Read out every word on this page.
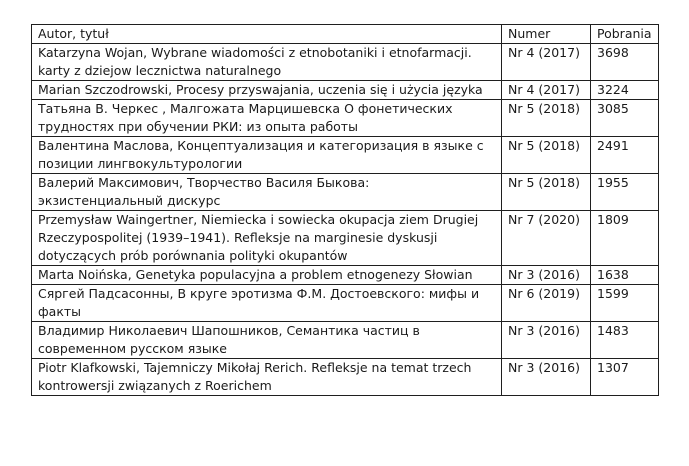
Autor, tytuł	Numer	Pobrania
Katarzyna Wojan, Wybrane wiadomości z etnobotaniki i etnofarmacji. karty z dziejow lecznictwa naturalnego	Nr 4 (2017)	3698
Marian Szczodrowski, Procesy przyswajania, uczenia się i użycia języka	Nr 4 (2017)	3224
Татьяна В. Черкес , Малгожата Марцишевска О фонетических трудностях при обучении РКИ: из опыта работы	Nr 5 (2018)	3085
Валентина Маслова, Концептуализация и категоризация в языке с позиции лингвокультурологии	Nr 5 (2018)	2491
Валерий Максимович, Творчество Василя Быкова: экзистенциальный дискурс	Nr 5 (2018)	1955
Przemysław Waingertner, Niemiecka i sowiecka okupacja ziem Drugiej Rzeczypospolitej (1939–1941). Refleksje na marginesie dyskusji dotyczących prób porównania polityki okupantów	Nr 7 (2020)	1809
Marta Noińska, Genetyka populacyjna a problem etnogenezy Słowian	Nr 3 (2016)	1638
Сяргей Падсасонны, В круге эротизма Ф.М. Достоевского: мифы и факты	Nr 6 (2019)	1599
Владимир Николаевич Шапошников, Семантика частиц в современном русском языке	Nr 3 (2016)	1483
Piotr Klafkowski, Tajemniczy Mikołaj Rerich. Refleksje na temat trzech kontrowersji związanych z Roerichem	Nr 3 (2016)	1307
